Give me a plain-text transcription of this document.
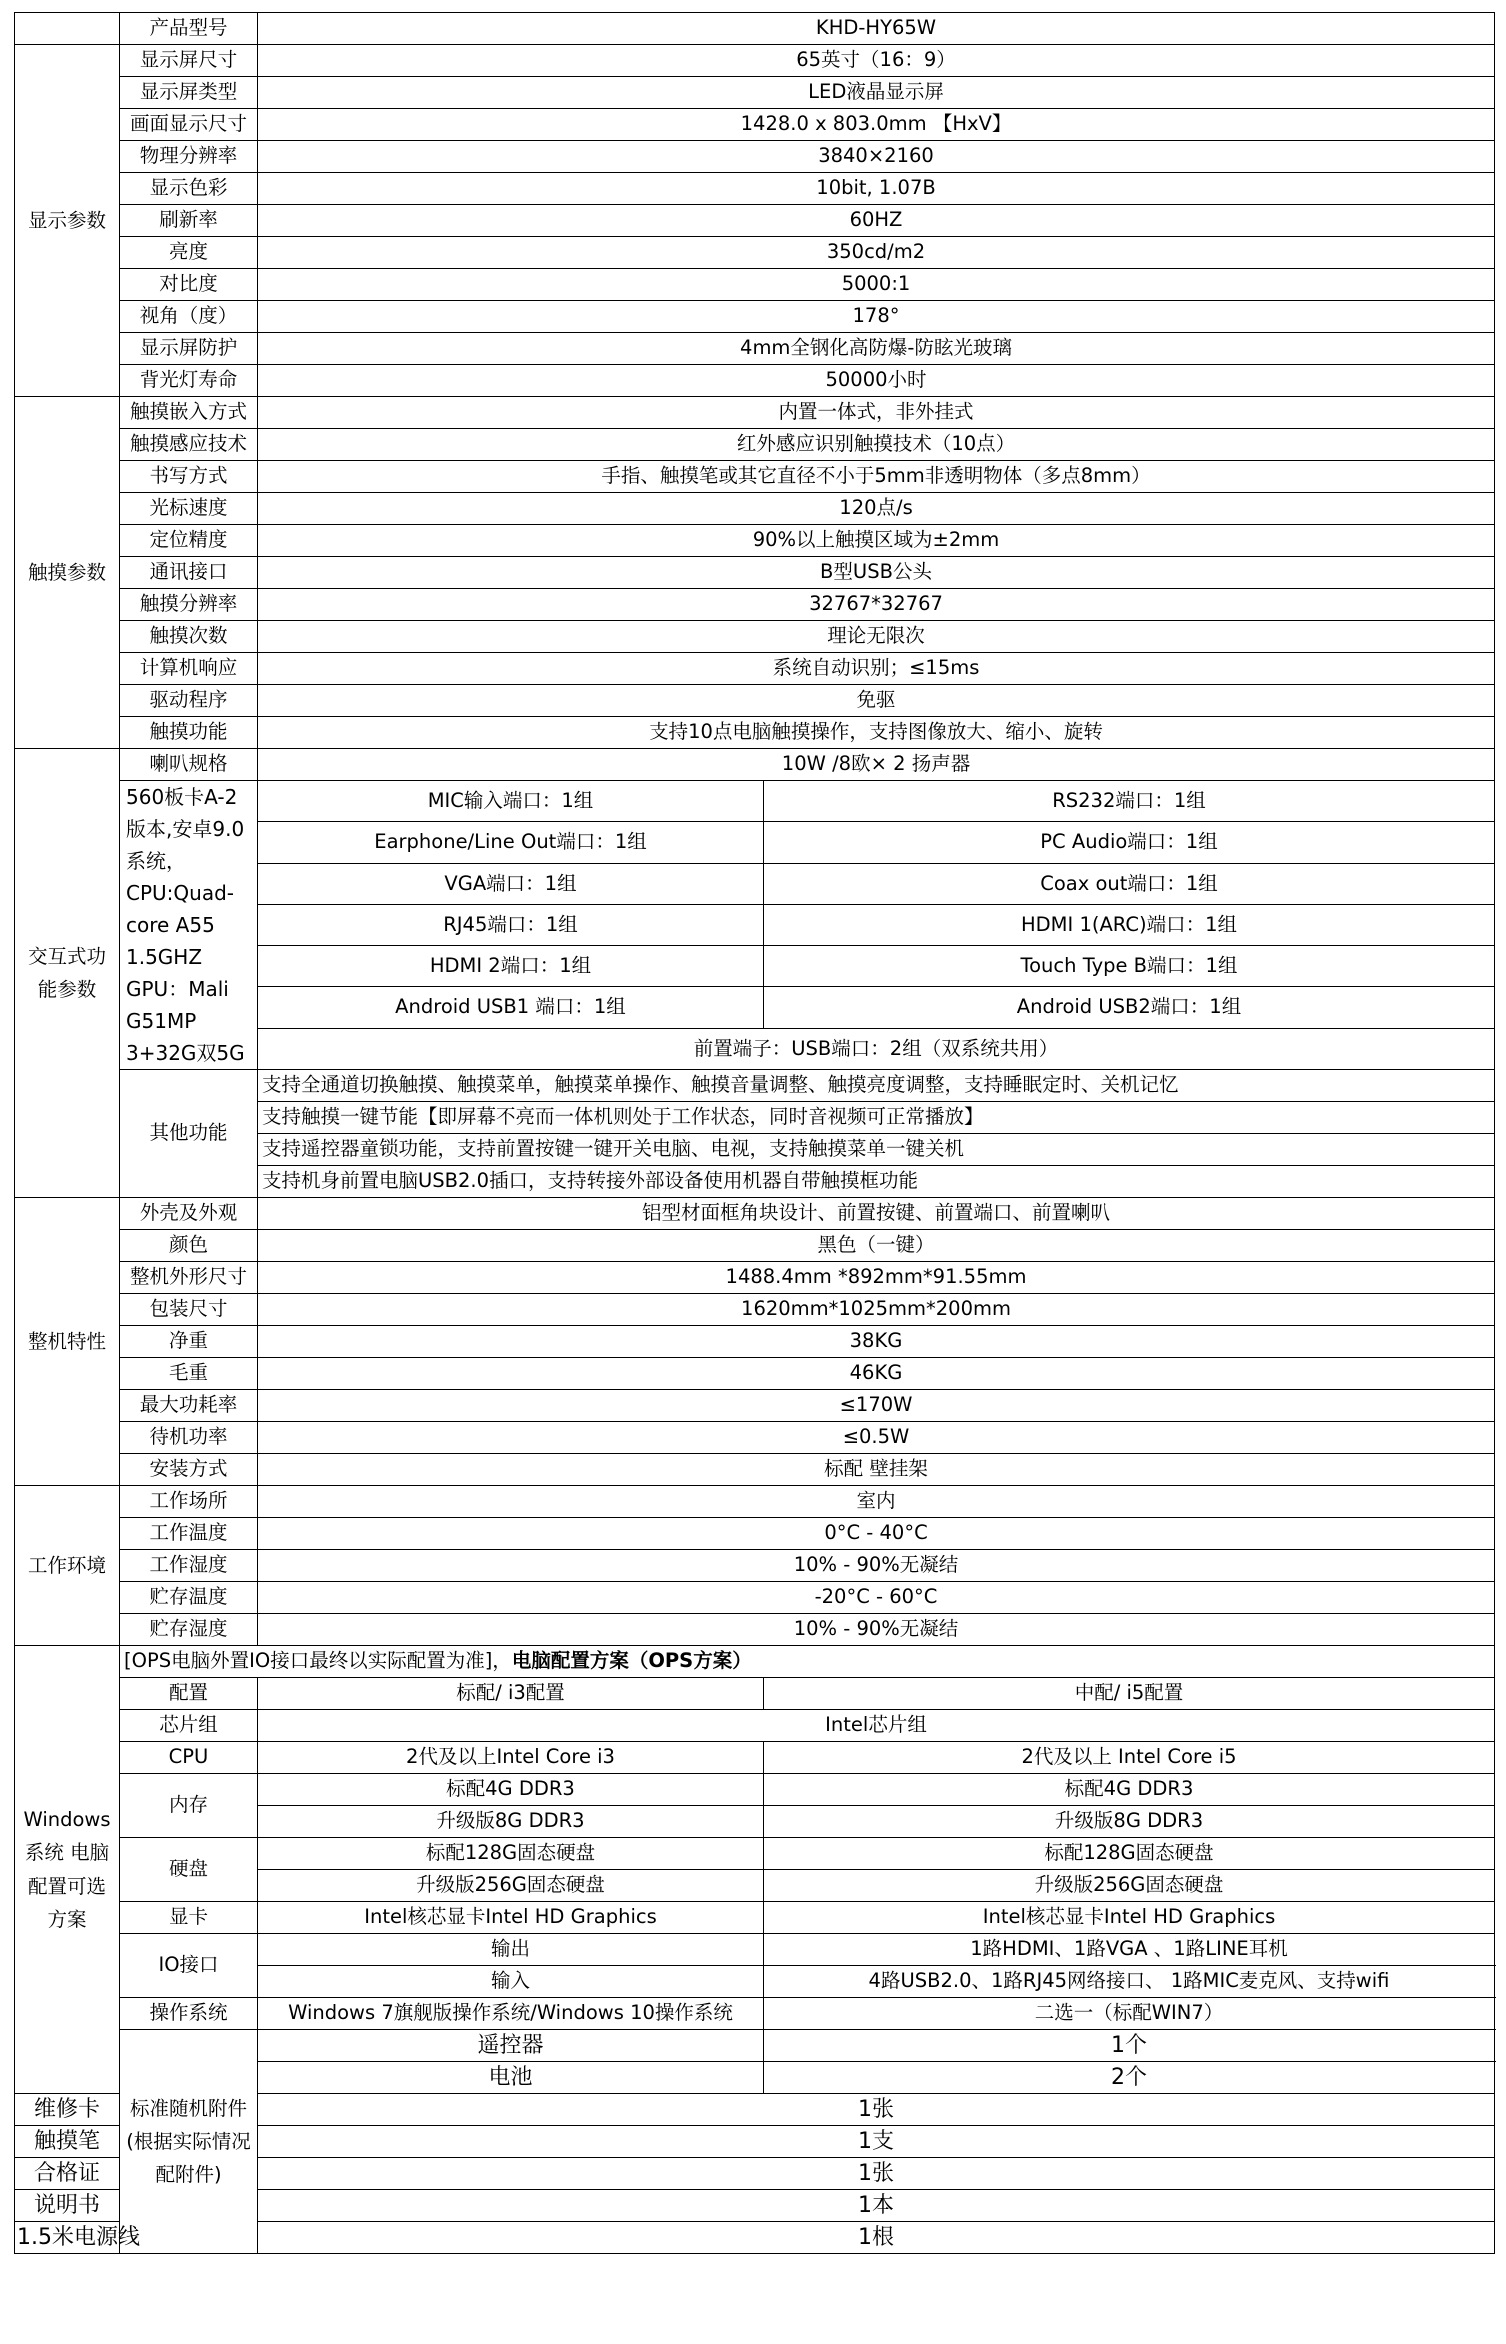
	产品型号	KHD-HY65W		
显示参数	显示屏尺寸	65英寸（16：9）		
	显示屏类型	LED液晶显示屏		
	画面显示尺寸	1428.0 x 803.0mm 【HxV】		
	物理分辨率	3840×2160		
	显示色彩	10bit, 1.07B		
	刷新率	60HZ		
	亮度	350cd/m2		
	对比度	5000:1		
	视角（度）	178°		
	显示屏防护	4mm全钢化高防爆-防眩光玻璃		
	背光灯寿命	50000小时		
触摸参数	触摸嵌入方式	内置一体式，非外挂式		
	触摸感应技术	红外感应识别触摸技术（10点）		
	书写方式	手指、触摸笔或其它直径不小于5mm非透明物体（多点8mm）		
	光标速度	120点/s		
	定位精度	90%以上触摸区域为±2mm		
	通讯接口	B型USB公头		
	触摸分辨率	32767*32767		
	触摸次数	理论无限次		
	计算机响应	系统自动识别；≤15ms		
	驱动程序	免驱		
	触摸功能	支持10点电脑触摸操作，支持图像放大、缩小、旋转		
交互式功能参数	喇叭规格	10W /8欧× 2 扬声器		
	560板卡A-2版本,安卓9.0系统，CPU:Quad-core A55 1.5GHZ GPU：Mali G51MP 3+32G双5G	MIC输入端口：1组	RS232端口：1组	
		Earphone/Line Out端口：1组	PC Audio端口：1组	
		VGA端口：1组	Coax out端口：1组	
		RJ45端口：1组	HDMI 1(ARC)端口：1组	
		HDMI 2端口：1组	Touch Type B端口：1组	
		Android USB1 端口：1组	Android USB2端口：1组	
		前置端子：USB端口：2组（双系统共用）		
	其他功能	支持全通道切换触摸、触摸菜单，触摸菜单操作、触摸音量调整、触摸亮度调整，支持睡眠定时、关机记忆		
		支持触摸一键节能【即屏幕不亮而一体机则处于工作状态，同时音视频可正常播放】		
		支持遥控器童锁功能，支持前置按键一键开关电脑、电视，支持触摸菜单一键关机		
		支持机身前置电脑USB2.0插口，支持转接外部设备使用机器自带触摸框功能		
整机特性	外壳及外观	铝型材面框角块设计、前置按键、前置端口、前置喇叭		
	颜色	黑色（一键）		
	整机外形尺寸	1488.4mm *892mm*91.55mm		
	包装尺寸	1620mm*1025mm*200mm		
	净重	38KG		
	毛重	46KG		
	最大功耗率	≤170W		
	待机功率	≤0.5W		
	安装方式	标配 壁挂架		
工作环境	工作场所	室内		
	工作温度	0°C - 40°C		
	工作湿度	10% - 90%无凝结		
	贮存温度	-20°C - 60°C		
	贮存湿度	10% - 90%无凝结		
Windows系统 电脑配置可选方案	[OPS电脑外置IO接口最终以实际配置为准]，电脑配置方案（OPS方案）			
	配置	标配/ i3配置	中配/ i5配置	
	芯片组	Intel芯片组		
	CPU	2代及以上Intel Core i3	2代及以上 Intel Core i5	
	内存	标配4G DDR3	标配4G DDR3	
		升级版8G DDR3	升级版8G DDR3	
	硬盘	标配128G固态硬盘	标配128G固态硬盘	
		升级版256G固态硬盘	升级版256G固态硬盘	
	显卡	Intel核芯显卡Intel HD Graphics	Intel核芯显卡Intel HD Graphics	
	IO接口	输出	1路HDMI、1路VGA 、1路LINE耳机	
		输入	4路USB2.0、1路RJ45网络接口、 1路MIC麦克风、支持wifi	
	操作系统	Windows 7旗舰版操作系统/Windows 10操作系统	二选一（标配WIN7）	
	标准随机附件(根据实际情况配附件)	遥控器	1个	
		电池	2个	
维修卡		1张		
触摸笔		1支		
合格证		1张		
说明书		1本		
1.5米电源线		1根		
